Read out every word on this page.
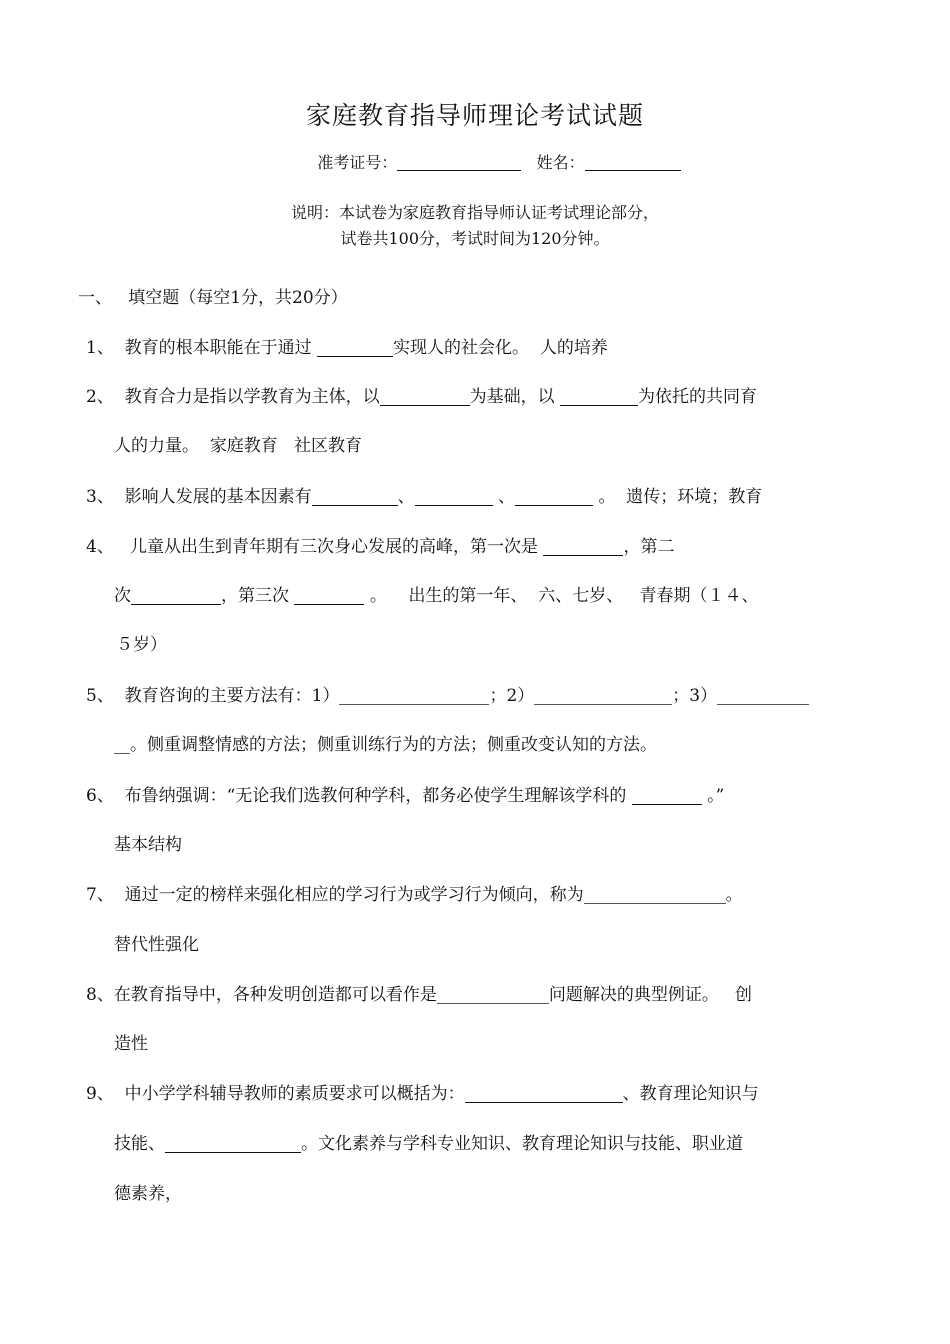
家庭教育指导师理论考试试题
准考证号：	姓名：
说明：本试卷为家庭教育指导师认证考试理论部分，
试卷共100分，考试时间为120分钟。
一、 填空题（每空1分，共20分）
1、 教育的根本职能在于通过	实现人的社会化。 人的培养
2、 教育合力是指以学教育为主体，以	为基础，以	为依托的共同育
人的力量。 家庭教育 社区教育
3、 影响人发展的基本因素有	、	、	。 遗传；环境；教育
4、 儿童从出生到青年期有三次身心发展的高峰，第一次是	，第二
次	，第三次	。 出生的第一年、 六、七岁、 青春期（１４、
５岁）
5、 教育咨询的主要方法有：1）	；2）	；3）
。侧重调整情感的方法；侧重训练行为的方法；侧重改变认知的方法。
6、 布鲁纳强调：“无论我们选教何种学科，都务必使学生理解该学科的	。”
基本结构
7、 通过一定的榜样来强化相应的学习行为或学习行为倾向，称为	。
替代性强化
8、在教育指导中，各种发明创造都可以看作是	问题解决的典型例证。 创
造性
9、 中小学学科辅导教师的素质要求可以概括为：	、教育理论知识与
技能、	。文化素养与学科专业知识、教育理论知识与技能、职业道
德素养，
